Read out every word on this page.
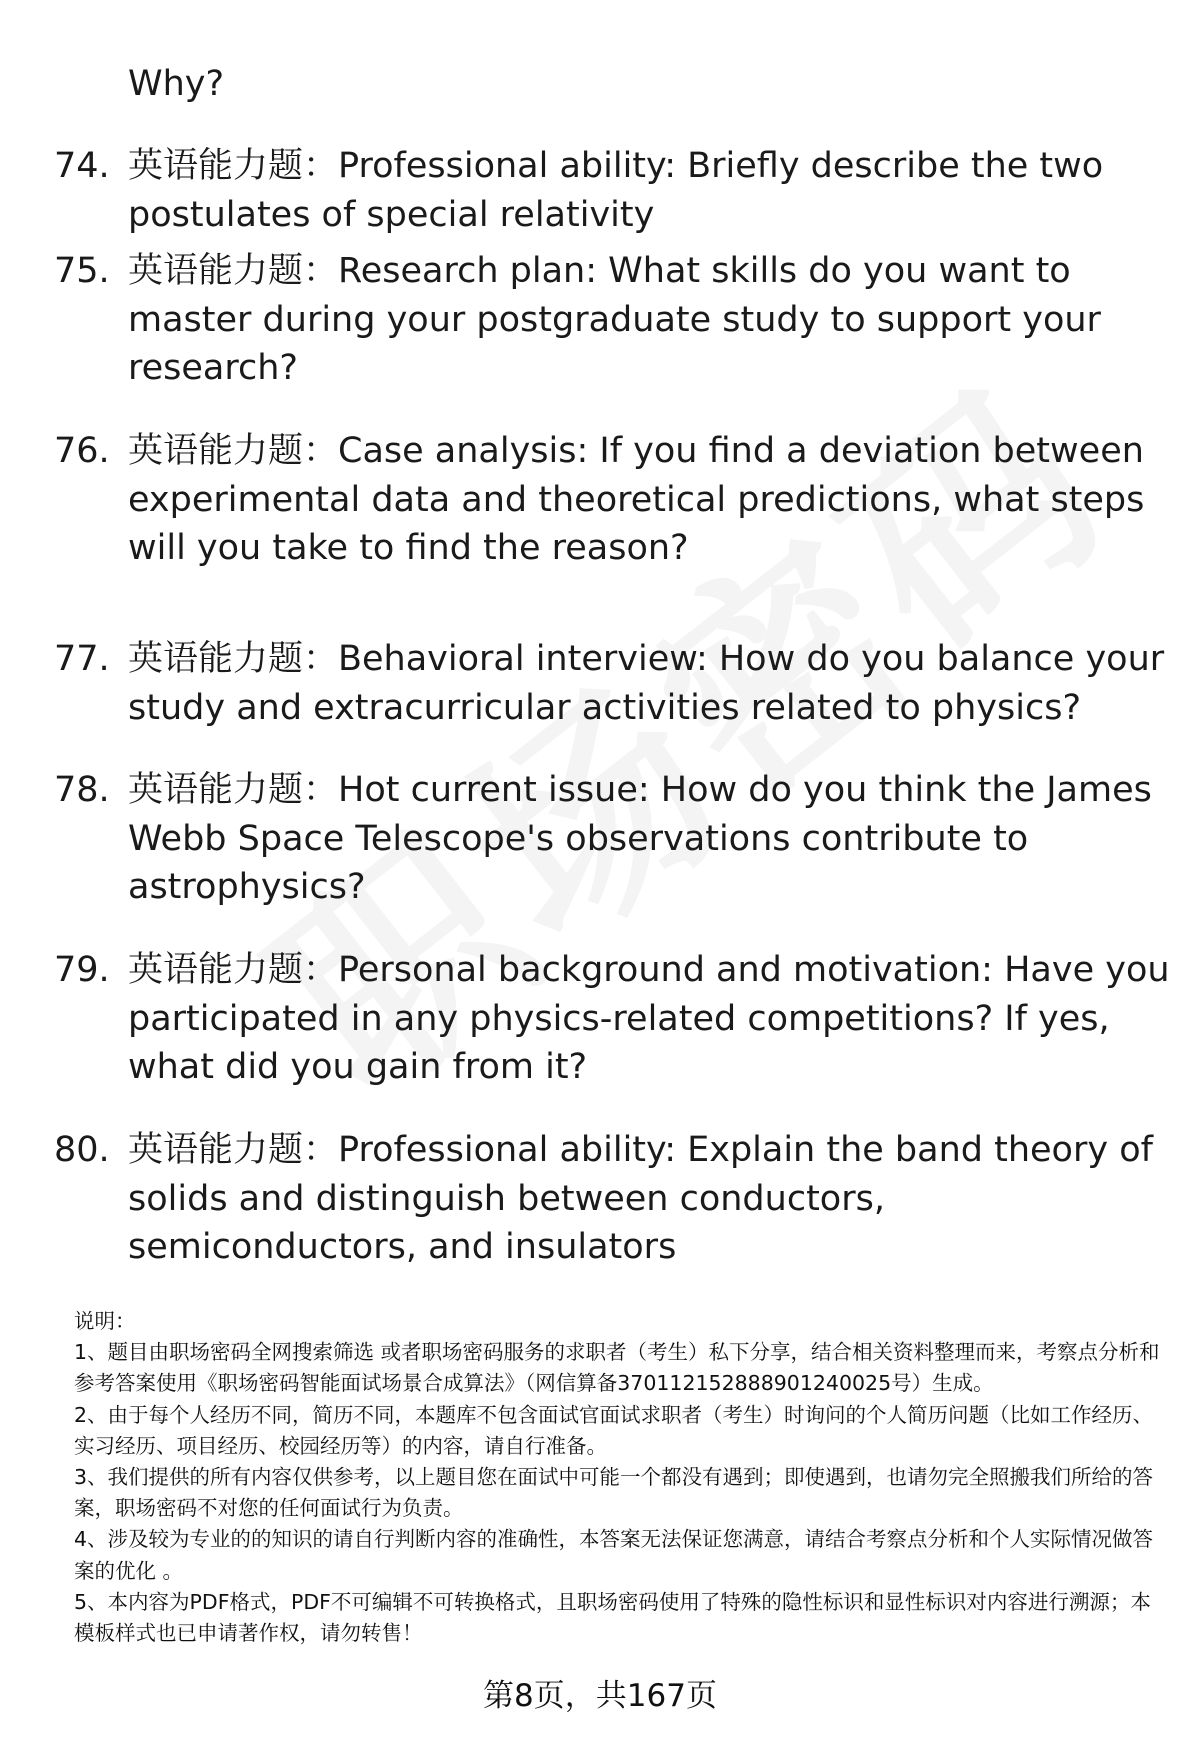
Why?
74. 英语能力题：Professional ability: Briefly describe the two postulates of special relativity
75. 英语能力题：Research plan: What skills do you want to master during your postgraduate study to support your research?
76. 英语能力题：Case analysis: If you find a deviation between experimental data and theoretical predictions, what steps will you take to find the reason?
77. 英语能力题：Behavioral interview: How do you balance your study and extracurricular activities related to physics?
78. 英语能力题：Hot current issue: How do you think the James Webb Space Telescope's observations contribute to astrophysics?
79. 英语能力题：Personal background and motivation: Have you participated in any physics-related competitions? If yes, what did you gain from it?
80. 英语能力题：Professional ability: Explain the band theory of solids and distinguish between conductors, semiconductors, and insulators

说明：

1、题目由职场密码全网搜索筛选 或者职场密码服务的求职者（考生）私下分享，结合相关资料整理而来，考察点分析和参考答案使用《职场密码智能面试场景合成算法》（网信算备370112152888901240025号）生成。

2、由于每个人经历不同，简历不同，本题库不包含面试官面试求职者（考生）时询问的个人简历问题（比如工作经历、实习经历、项目经历、校园经历等）的内容，请自行准备。

3、我们提供的所有内容仅供参考，以上题目您在面试中可能一个都没有遇到；即使遇到，也请勿完全照搬我们所给的答案，职场密码不对您的任何面试行为负责。

4、涉及较为专业的的知识的请自行判断内容的准确性，本答案无法保证您满意，请结合考察点分析和个人实际情况做答案的优化 。

5、本内容为PDF格式，PDF不可编辑不可转换格式，且职场密码使用了特殊的隐性标识和显性标识对内容进行溯源；本模板样式也已申请著作权，请勿转售！

第8页，共167页
